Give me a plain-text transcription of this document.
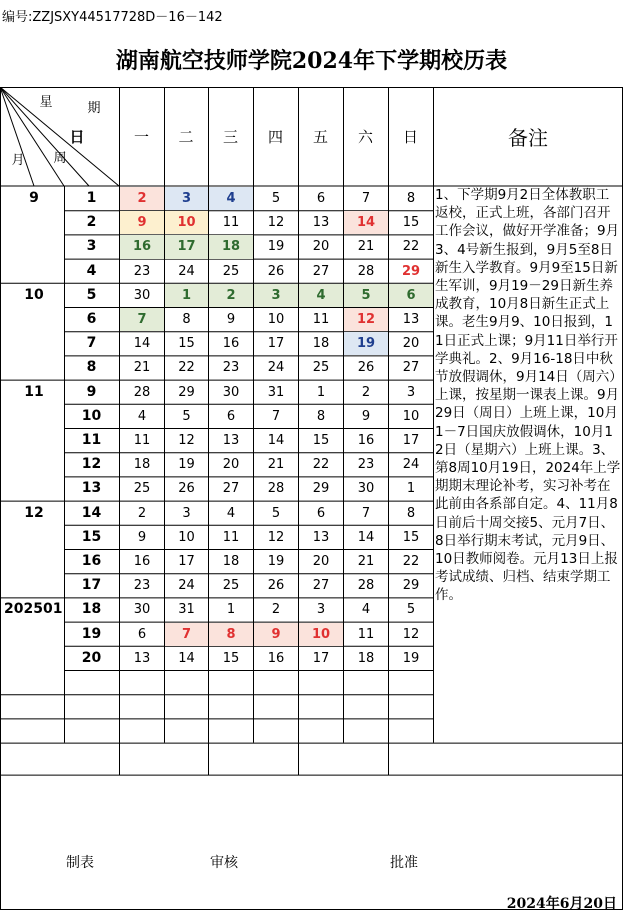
编号:ZZJSXY44517728D－16－142
湖南航空技师学院2024年下学期校历表
星	期
日
月 周
一	二	三	四	五	六	日	备注
9	1	2	3	4	5	6	7	8
2	9	10	11	12	13	14	15
3	16	17	18	19	20	21	22
4	23	24	25	26	27	28	29
10	5	30	1	2	3	4	5	6
6	7	8	9	10	11	12	13
7	14	15	16	17	18	19	20
8	21	22	23	24	25	26	27
11	9	28	29	30	31	1	2	3
10	4	5	6	7	8	9	10
11	11	12	13	14	15	16	17
12	18	19	20	21	22	23	24
13	25	26	27	28	29	30	1
12	14	2	3	4	5	6	7	8
15	9	10	11	12	13	14	15
16	16	17	18	19	20	21	22
17	23	24	25	26	27	28	29
202501	18	30	31	1	2	3	4	5
19	6	7	8	9	10	11	12
20	13	14	15	16	17	18	19
1、下学期9月2日全体教职工返校，正式上班，各部门召开工作会议，做好开学准备；9月3、4号新生报到，9月5至8日新生入学教育。9月9至15日新生军训，9月19－29日新生养成教育，10月8日新生正式上课。老生9月9、10日报到，11日正式上课；9月11日举行开学典礼。2、9月16-18日中秋节放假调休，9月14日（周六）上课，按星期一课表上课。9月29日（周日）上班上课，10月1－7日国庆放假调休，10月12日（星期六）上班上课。3、第8周10月19日，2024年上学期期末理论补考，实习补考在此前由各系部自定。4、11月8日前后十周交接5、元月7日、8日举行期末考试，元月9日、10日教师阅卷。元月13日上报考试成绩、归档、结束学期工作。
制表	审核	批准
2024年6月20日
